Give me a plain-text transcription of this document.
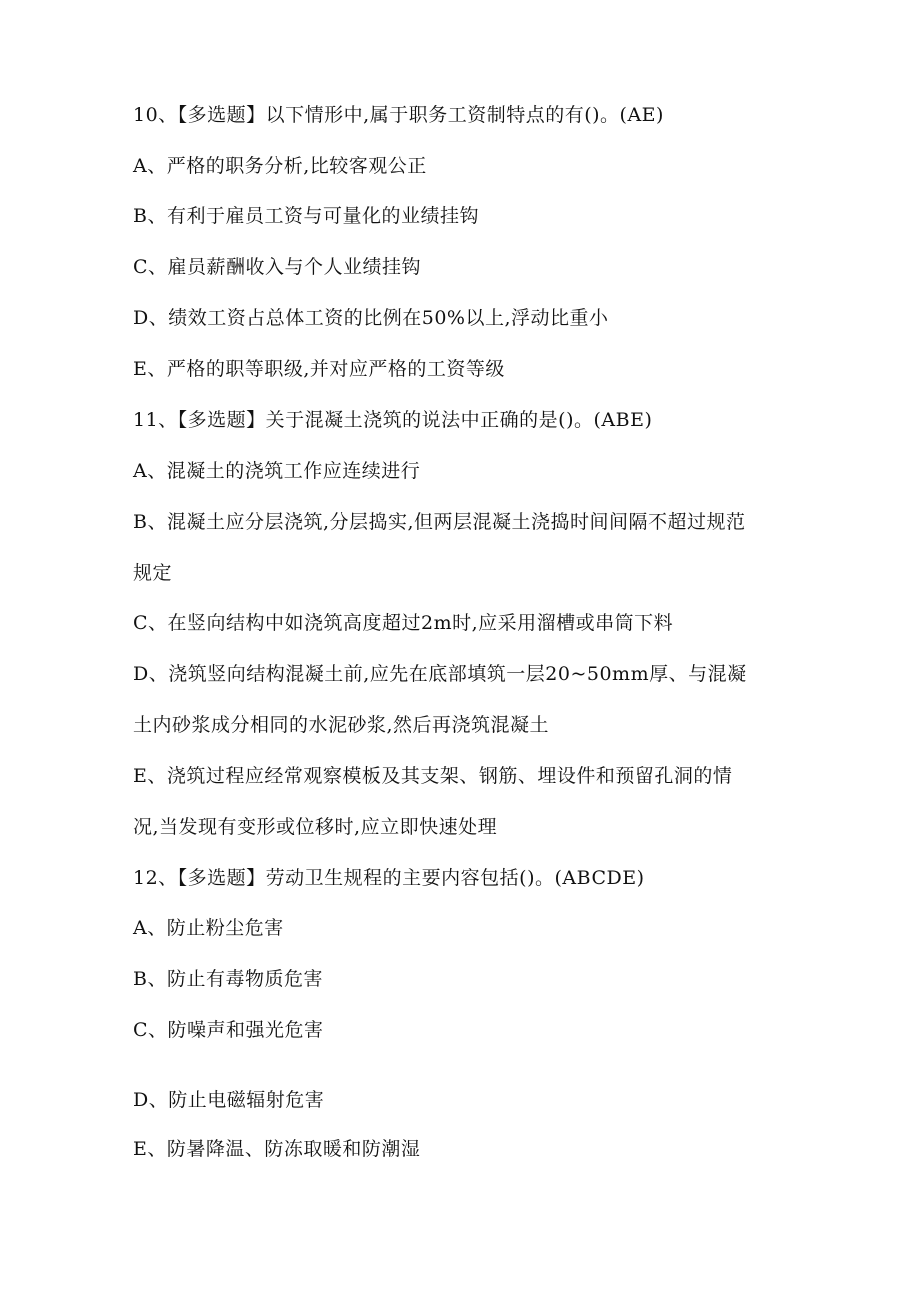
10、【多选题】以下情形中,属于职务工资制特点的有()。(AE)
A、严格的职务分析,比较客观公正
B、有利于雇员工资与可量化的业绩挂钩
C、雇员薪酬收入与个人业绩挂钩
D、绩效工资占总体工资的比例在50%以上,浮动比重小
E、严格的职等职级,并对应严格的工资等级
11、【多选题】关于混凝土浇筑的说法中正确的是()。(ABE)
A、混凝土的浇筑工作应连续进行
B、混凝土应分层浇筑,分层捣实,但两层混凝土浇捣时间间隔不超过规范
规定
C、在竖向结构中如浇筑高度超过2m时,应采用溜槽或串筒下料
D、浇筑竖向结构混凝土前,应先在底部填筑一层20~50mm厚、与混凝
土内砂浆成分相同的水泥砂浆,然后再浇筑混凝土
E、浇筑过程应经常观察模板及其支架、钢筋、埋设件和预留孔洞的情
况,当发现有变形或位移时,应立即快速处理
12、【多选题】劳动卫生规程的主要内容包括()。(ABCDE)
A、防止粉尘危害
B、防止有毒物质危害
C、防噪声和强光危害
D、防止电磁辐射危害
E、防暑降温、防冻取暖和防潮湿
